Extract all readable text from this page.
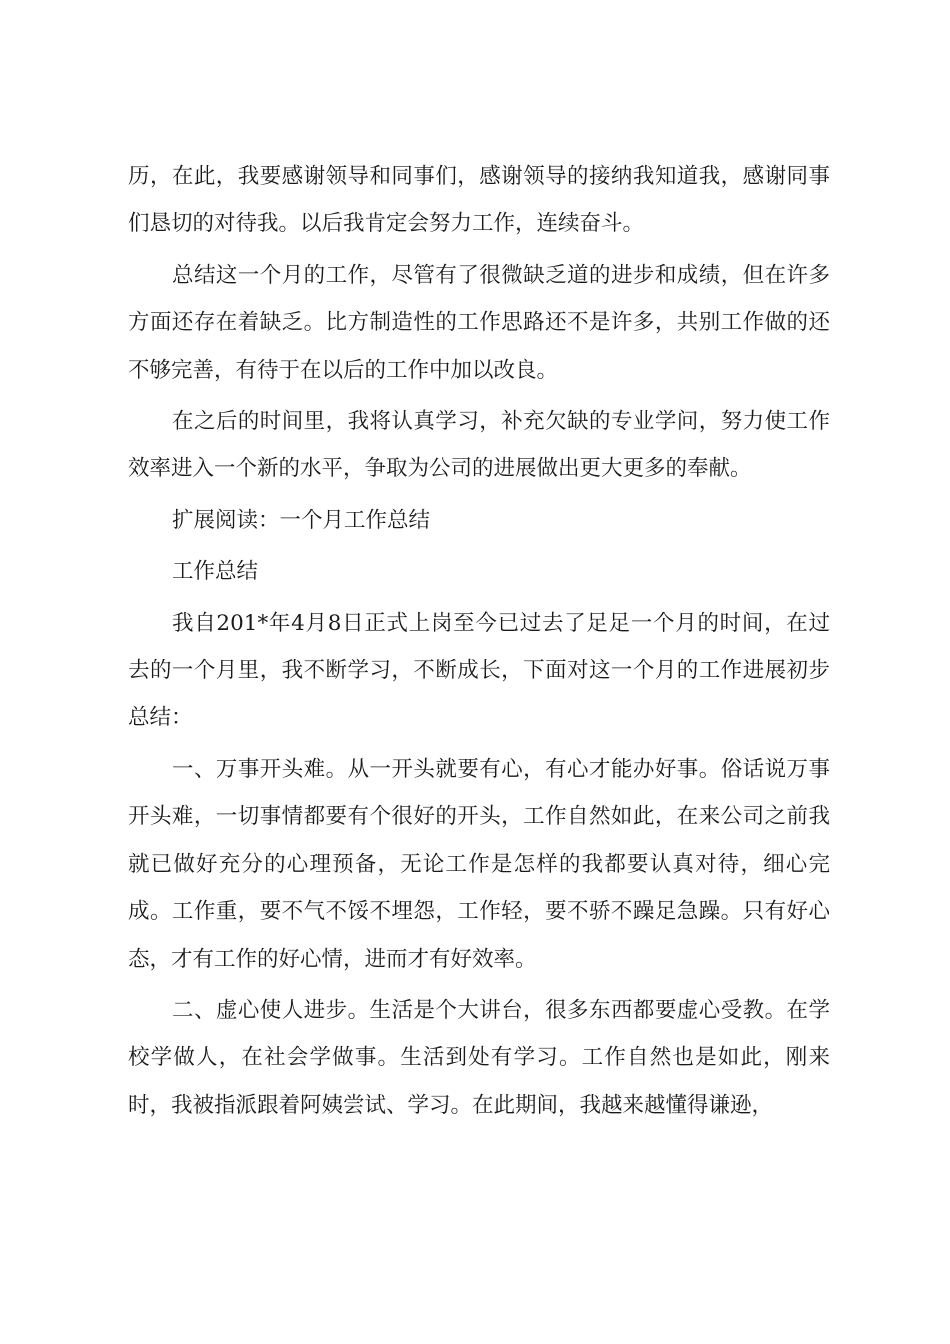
历，在此，我要感谢领导和同事们，感谢领导的接纳我知道我，感谢同事们恳切的对待我。以后我肯定会努力工作，连续奋斗。

总结这一个月的工作，尽管有了很微缺乏道的进步和成绩，但在许多方面还存在着缺乏。比方制造性的工作思路还不是许多，共别工作做的还不够完善，有待于在以后的工作中加以改良。

在之后的时间里，我将认真学习，补充欠缺的专业学问，努力使工作效率进入一个新的水平，争取为公司的进展做出更大更多的奉献。

扩展阅读：一个月工作总结

工作总结

我自201*年4月8日正式上岗至今已过去了足足一个月的时间，在过去的一个月里，我不断学习，不断成长，下面对这一个月的工作进展初步总结：

一、万事开头难。从一开头就要有心，有心才能办好事。俗话说万事开头难，一切事情都要有个很好的开头，工作自然如此，在来公司之前我就已做好充分的心理预备，无论工作是怎样的我都要认真对待，细心完成。工作重，要不气不馁不埋怨，工作轻，要不骄不躁足急躁。只有好心态，才有工作的好心情，进而才有好效率。

二、虚心使人进步。生活是个大讲台，很多东西都要虚心受教。在学校学做人，在社会学做事。生活到处有学习。工作自然也是如此，刚来时，我被指派跟着阿姨尝试、学习。在此期间，我越来越懂得谦逊，
